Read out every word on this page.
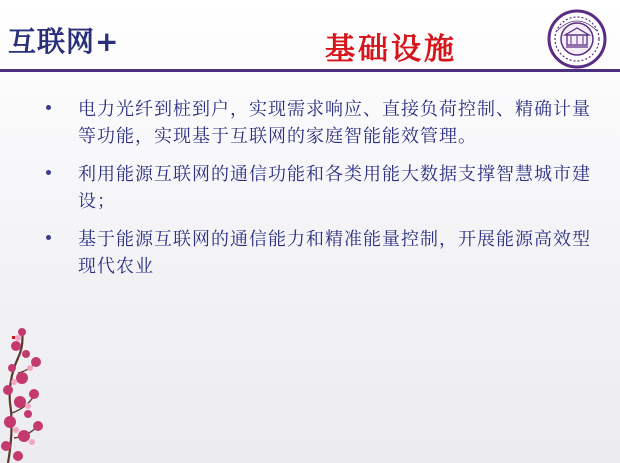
互联网+	基础设施
电力光纤到桩到户，实现需求响应、直接负荷控制、精确计量等功能，实现基于互联网的家庭智能能效管理。
利用能源互联网的通信功能和各类用能大数据支撑智慧城市建设；
基于能源互联网的通信能力和精准能量控制，开展能源高效型现代农业
